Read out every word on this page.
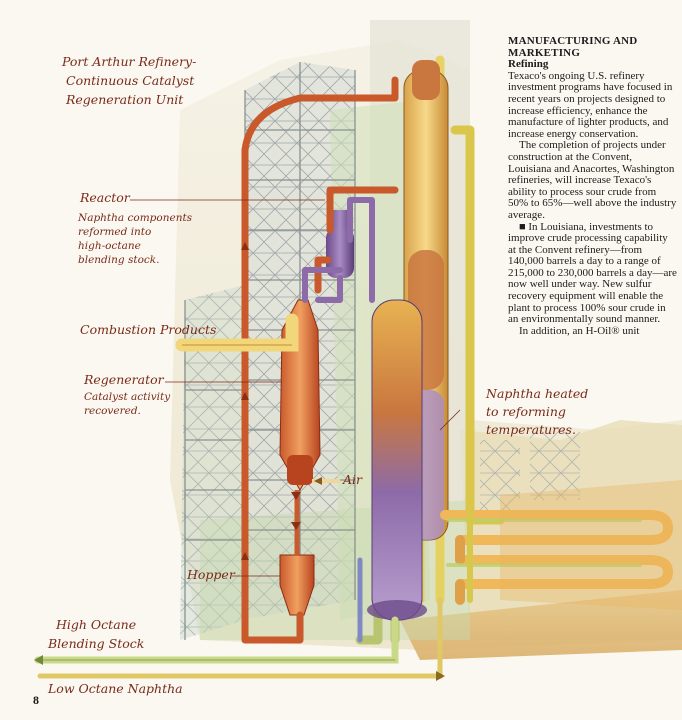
Port Arthur Refinery-
Continuous Catalyst
Regeneration Unit
Reactor
Naphtha components
reformed into
high-octane
blending stock.
Combustion Products
Regenerator
Catalyst activity
recovered.
Air
Hopper
Naphtha heated
to reforming
temperatures.
High Octane
Blending Stock
Low Octane Naphtha
MANUFACTURING AND
MARKETING
Refining

Texaco's ongoing U.S. refinery investment programs have focused in recent years on projects designed to increase efficiency, enhance the manufacture of lighter products, and increase energy conservation.

The completion of projects under construction at the Convent, Louisiana and Anacortes, Washington refineries, will increase Texaco's ability to process sour crude from 50% to 65%—well above the industry average.

■ In Louisiana, investments to improve crude processing capability at the Convent refinery—from 140,000 barrels a day to a range of 215,000 to 230,000 barrels a day—are now well under way. New sulfur recovery equipment will enable the plant to process 100% sour crude in an environmentally sound manner.

In addition, an H-Oil® unit

8
